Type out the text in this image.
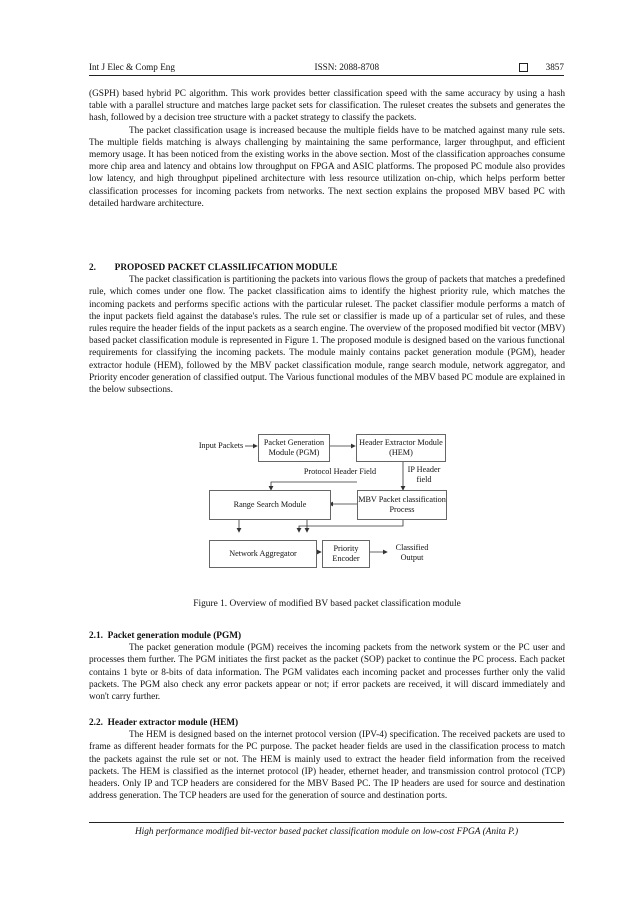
Int J Elec & Comp Eng	ISSN: 2088-8708	3857

(GSPH) based hybrid PC algorithm. This work provides better classification speed with the same accuracy by using a hash table with a parallel structure and matches large packet sets for classification. The ruleset creates the subsets and generates the hash, followed by a decision tree structure with a packet strategy to classify the packets.

The packet classification usage is increased because the multiple fields have to be matched against many rule sets. The multiple fields matching is always challenging by maintaining the same performance, larger throughput, and efficient memory usage. It has been noticed from the existing works in the above section. Most of the classification approaches consume more chip area and latency and obtains low throughput on FPGA and ASIC platforms. The proposed PC module also provides low latency, and high throughput pipelined architecture with less resource utilization on-chip, which helps perform better classification processes for incoming packets from networks. The next section explains the proposed MBV based PC with detailed hardware architecture.

2. PROPOSED PACKET CLASSILIFCATION MODULE

The packet classification is partitioning the packets into various flows the group of packets that matches a predefined rule, which comes under one flow. The packet classification aims to identify the highest priority rule, which matches the incoming packets and performs specific actions with the particular ruleset. The packet classifier module performs a match of the input packets field against the database's rules. The rule set or classifier is made up of a particular set of rules, and these rules require the header fields of the input packets as a search engine. The overview of the proposed modified bit vector (MBV) based packet classification module is represented in Figure 1. The proposed module is designed based on the various functional requirements for classifying the incoming packets. The module mainly contains packet generation module (PGM), header extractor hodule (HEM), followed by the MBV packet classification module, range search module, network aggregator, and Priority encoder generation of classified output. The Various functional modules of the MBV based PC module are explained in the below subsections.

Input Packets	Packet Generation Module (PGM)
Header Extractor Module (HEM)
IP Header field
Protocol Header Field
Range Search Module
MBV Packet classification Process
Network Aggregator
Priority Encoder
Classified Output
Figure 1. Overview of modified BV based packet classification module
2.1.  Packet generation module (PGM)

The packet generation module (PGM) receives the incoming packets from the network system or the PC user and processes them further. The PGM initiates the first packet as the packet (SOP) packet to continue the PC process. Each packet contains 1 byte or 8-bits of data information. The PGM validates each incoming packet and processes further only the valid packets. The PGM also check any error packets appear or not; if error packets are received, it will discard immediately and won't carry further.

2.2.  Header extractor module (HEM)

The HEM is designed based on the internet protocol version (IPV-4) specification. The received packets are used to frame as different header formats for the PC purpose. The packet header fields are used in the classification process to match the packets against the rule set or not. The HEM is mainly used to extract the header field information from the received packets. The HEM is classified as the internet protocol (IP) header, ethernet header, and transmission control protocol (TCP) headers. Only IP and TCP headers are considered for the MBV Based PC. The IP headers are used for source and destination address generation. The TCP headers are used for the generation of source and destination ports.

High performance modified bit-vector based packet classification module on low-cost FPGA (Anita P.)
